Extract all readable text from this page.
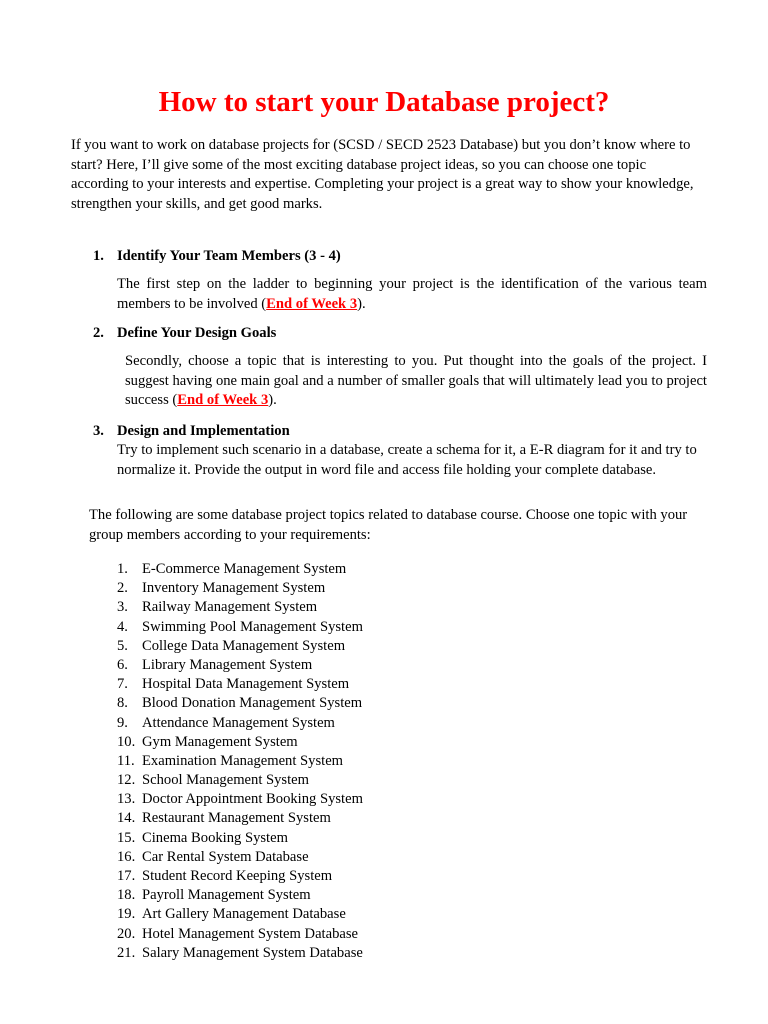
How to start your Database project?

If you want to work on database projects for (SCSD / SECD 2523 Database) but you don’t know where to start? Here, I’ll give some of the most exciting database project ideas, so you can choose one topic according to your interests and expertise. Completing your project is a great way to show your knowledge, strengthen your skills, and get good marks.

1. Identify Your Team Members (3 - 4)

The first step on the ladder to beginning your project is the identification of the various team members to be involved (End of Week 3).

2. Define Your Design Goals

Secondly, choose a topic that is interesting to you. Put thought into the goals of the project. I suggest having one main goal and a number of smaller goals that will ultimately lead you to project success (End of Week 3).

3. Design and Implementation

Try to implement such scenario in a database, create a schema for it, a E-R diagram for it and try to normalize it. Provide the output in word file and access file holding your complete database.

The following are some database project topics related to database course. Choose one topic with your group members according to your requirements:

1. E-Commerce Management System
2. Inventory Management System
3. Railway Management System
4. Swimming Pool Management System
5. College Data Management System
6. Library Management System
7. Hospital Data Management System
8. Blood Donation Management System
9. Attendance Management System
10. Gym Management System
11. Examination Management System
12. School Management System
13. Doctor Appointment Booking System
14. Restaurant Management System
15. Cinema Booking System
16. Car Rental System Database
17. Student Record Keeping System
18. Payroll Management System
19. Art Gallery Management Database
20. Hotel Management System Database
21. Salary Management System Database
